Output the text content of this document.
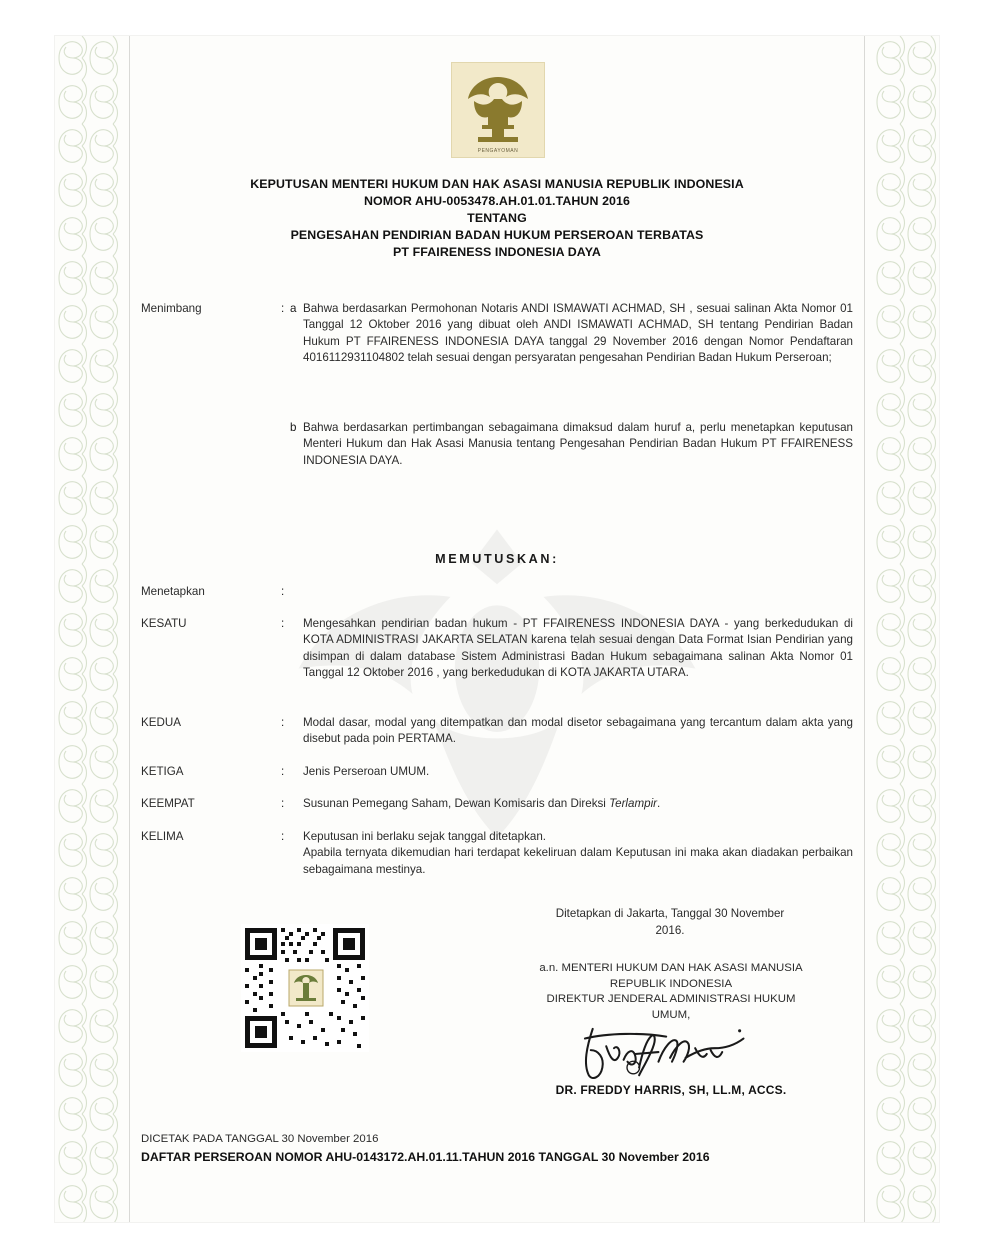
PENGAYOMAN
KEPUTUSAN MENTERI HUKUM DAN HAK ASASI MANUSIA REPUBLIK INDONESIA
NOMOR AHU-0053478.AH.01.01.TAHUN 2016
TENTANG
PENGESAHAN PENDIRIAN BADAN HUKUM PERSEROAN TERBATAS
PT FFAIRENESS INDONESIA DAYA
Menimbang	: a Bahwa berdasarkan Permohonan Notaris ANDI ISMAWATI ACHMAD, SH , sesuai salinan Akta Nomor 01 Tanggal 12 Oktober 2016 yang dibuat oleh ANDI ISMAWATI ACHMAD, SH tentang Pendirian Badan Hukum PT FFAIRENESS INDONESIA DAYA tanggal 29 November 2016 dengan Nomor Pendaftaran 4016112931104802 telah sesuai dengan persyaratan pengesahan Pendirian Badan Hukum Perseroan;
b Bahwa berdasarkan pertimbangan sebagaimana dimaksud dalam huruf a, perlu menetapkan keputusan Menteri Hukum dan Hak Asasi Manusia tentang Pengesahan Pendirian Badan Hukum PT FFAIRENESS INDONESIA DAYA.
MEMUTUSKAN:
Menetapkan	:
KESATU	:	Mengesahkan pendirian badan hukum - PT FFAIRENESS INDONESIA DAYA - yang berkedudukan di KOTA ADMINISTRASI JAKARTA SELATAN karena telah sesuai dengan Data Format Isian Pendirian yang disimpan di dalam database Sistem Administrasi Badan Hukum sebagaimana salinan Akta Nomor 01 Tanggal 12 Oktober 2016 , yang berkedudukan di KOTA JAKARTA UTARA.
KEDUA	:	Modal dasar, modal yang ditempatkan dan modal disetor sebagaimana yang tercantum dalam akta yang disebut pada poin PERTAMA.
KETIGA	:	Jenis Perseroan UMUM.
KEEMPAT	:	Susunan Pemegang Saham, Dewan Komisaris dan Direksi Terlampir.
KELIMA	:	Keputusan ini berlaku sejak tanggal ditetapkan.
Apabila ternyata dikemudian hari terdapat kekeliruan dalam Keputusan ini maka akan diadakan perbaikan sebagaimana mestinya.
Ditetapkan di Jakarta, Tanggal 30 November
2016.
a.n. MENTERI HUKUM DAN HAK ASASI MANUSIA
REPUBLIK INDONESIA
DIREKTUR JENDERAL ADMINISTRASI HUKUM
UMUM,
DR. FREDDY HARRIS, SH, LL.M, ACCS.
DICETAK PADA TANGGAL 30 November 2016
DAFTAR PERSEROAN NOMOR AHU-0143172.AH.01.11.TAHUN 2016 TANGGAL 30 November 2016
